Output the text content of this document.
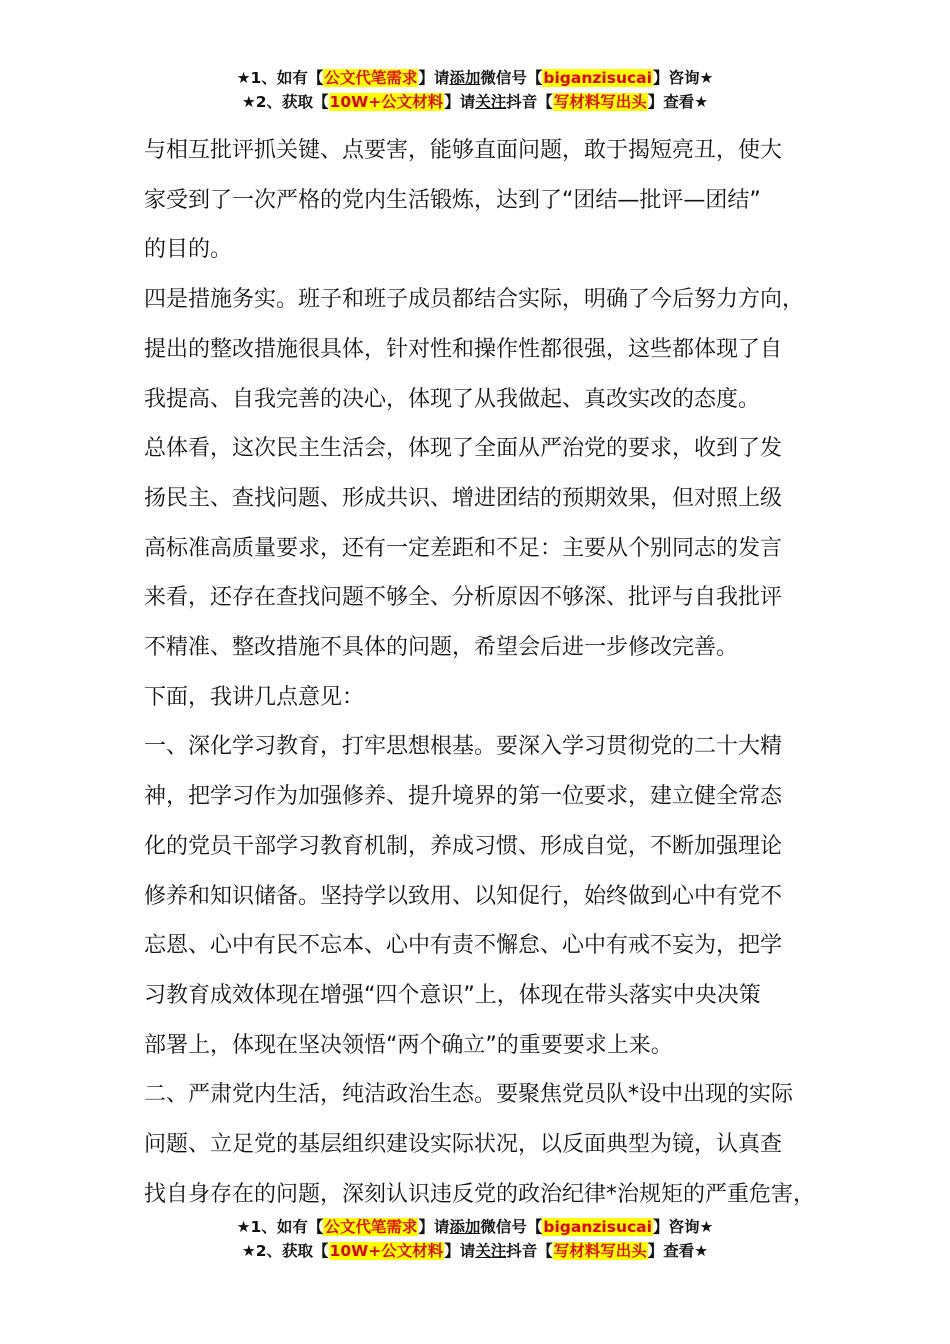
★1、如有【公文代笔需求】请添加微信号【biganzisucai】咨询★
★2、获取【10W+公文材料】请关注抖音【写材料写出头】查看★

与相互批评抓关键、点要害，能够直面问题，敢于揭短亮丑，使大

家受到了一次严格的党内生活锻炼，达到了“团结—批评—团结”

的目的。

四是措施务实。班子和班子成员都结合实际，明确了今后努力方向，

提出的整改措施很具体，针对性和操作性都很强，这些都体现了自

我提高、自我完善的决心，体现了从我做起、真改实改的态度。

总体看，这次民主生活会，体现了全面从严治党的要求，收到了发

扬民主、查找问题、形成共识、增进团结的预期效果，但对照上级

高标准高质量要求，还有一定差距和不足：主要从个别同志的发言

来看，还存在查找问题不够全、分析原因不够深、批评与自我批评

不精准、整改措施不具体的问题，希望会后进一步修改完善。

下面，我讲几点意见：

一、深化学习教育，打牢思想根基。要深入学习贯彻党的二十大精

神，把学习作为加强修养、提升境界的第一位要求，建立健全常态

化的党员干部学习教育机制，养成习惯、形成自觉，不断加强理论

修养和知识储备。坚持学以致用、以知促行，始终做到心中有党不

忘恩、心中有民不忘本、心中有责不懈怠、心中有戒不妄为，把学

习教育成效体现在增强“四个意识”上，体现在带头落实中央决策

部署上，体现在坚决领悟“两个确立”的重要要求上来。

二、严肃党内生活，纯洁政治生态。要聚焦党员队*设中出现的实际

问题、立足党的基层组织建设实际状况，以反面典型为镜，认真查

找自身存在的问题，深刻认识违反党的政治纪律*治规矩的严重危害，

★1、如有【公文代笔需求】请添加微信号【biganzisucai】咨询★
★2、获取【10W+公文材料】请关注抖音【写材料写出头】查看★
